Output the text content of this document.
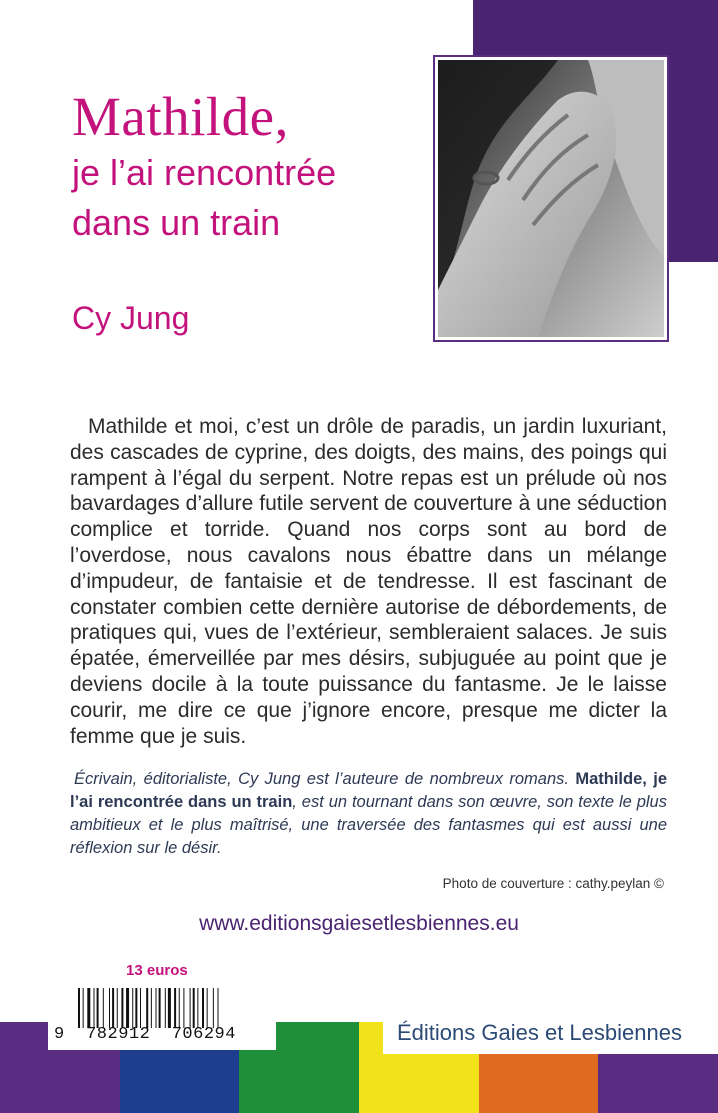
Mathilde,

je l’ai rencontrée

dans un train

Cy Jung

Mathilde et moi, c’est un drôle de paradis, un jardin luxuriant, des cascades de cyprine, des doigts, des mains, des poings qui rampent à l’égal du serpent. Notre repas est un prélude où nos bavardages d’allure futile servent de couverture à une séduction complice et torride. Quand nos corps sont au bord de l’overdose, nous cavalons nous ébattre dans un mélange d’impudeur, de fantaisie et de tendresse. Il est fascinant de constater combien cette dernière autorise de débordements, de pratiques qui, vues de l’extérieur, sembleraient salaces. Je suis épatée, émerveillée par mes désirs, subjuguée au point que je deviens docile à la toute puissance du fantasme. Je le laisse courir, me dire ce que j’ignore encore, presque me dicter la femme que je suis.

Écrivain, éditorialiste, Cy Jung est l’auteure de nombreux romans. Mathilde, je l’ai rencontrée dans un train, est un tournant dans son œuvre, son texte le plus ambitieux et le plus maîtrisé, une traversée des fantasmes qui est aussi une réflexion sur le désir.

Photo de couverture : cathy.peylan ©
www.editionsgaiesetlesbiennes.eu
13 euros
9  782912  706294	Éditions Gaies et Lesbiennes
